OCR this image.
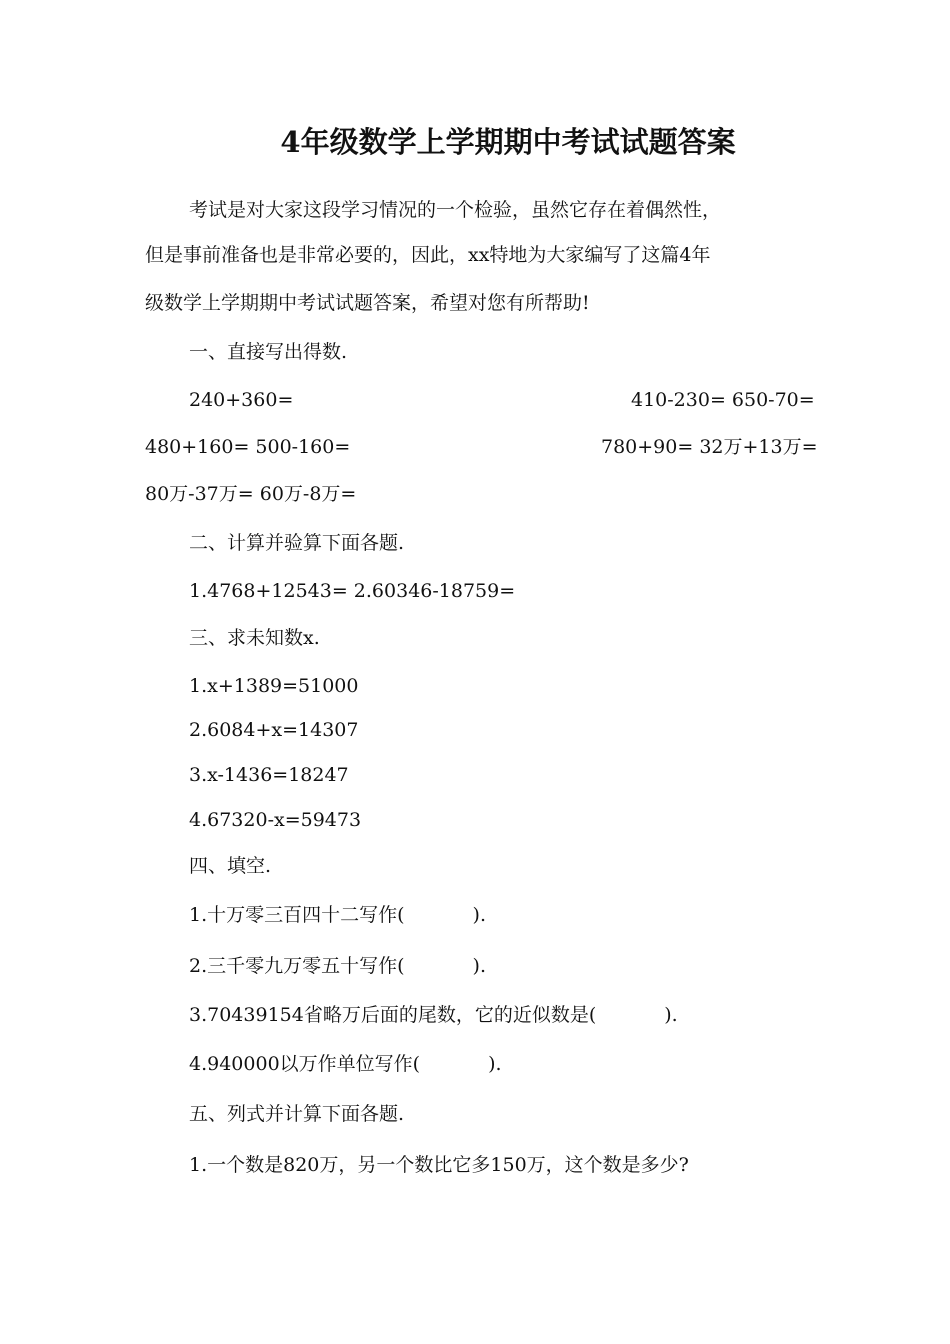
4年级数学上学期期中考试试题答案
考试是对大家这段学习情况的一个检验，虽然它存在着偶然性，
但是事前准备也是非常必要的，因此，xx特地为大家编写了这篇4年
级数学上学期期中考试试题答案，希望对您有所帮助!
一、直接写出得数.
240+360=	410-230= 650-70=
480+160= 500-160=	780+90= 32万+13万=
80万-37万= 60万-8万=
二、计算并验算下面各题.
1.4768+12543= 2.60346-18759=
三、求未知数x.
1.x+1389=51000
2.6084+x=14307
3.x-1436=18247
4.67320-x=59473
四、填空.
1.十万零三百四十二写作(	).
2.三千零九万零五十写作(	).
3.70439154省略万后面的尾数，它的近似数是(	).
4.940000以万作单位写作(	).
五、列式并计算下面各题.
1.一个数是820万，另一个数比它多150万，这个数是多少?
